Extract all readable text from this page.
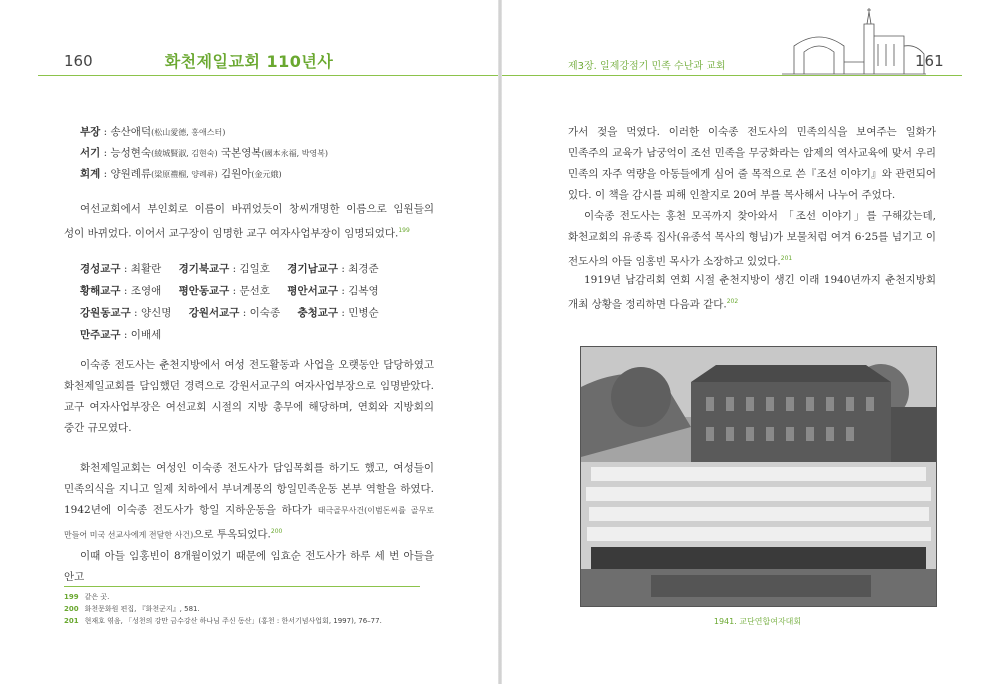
160	화천제일교회 110년사
부장 : 송산애덕(松山愛德, 홍애스터)
서기 : 능성현숙(綾城賢淑, 김현숙) 국본영복(國本永福, 박영복)
회계 : 양원례류(梁原禮榴, 양례류) 김원아(金元娥)

여선교회에서 부인회로 이름이 바뀌었듯이 창씨개명한 이름으로 임원들의 성이 바뀌었다. 이어서 교구장이 임명한 교구 여자사업부장이 임명되었다.$^{199}$

경성교구 : 최활란 경기북교구 : 김일호 경기남교구 : 최경준
황해교구 : 조영애 평안동교구 : 문선호 평안서교구 : 김복영
강원동교구 : 양신명 강원서교구 : 이숙종 충청교구 : 민병순
만주교구 : 이배세

이숙종 전도사는 춘천지방에서 여성 전도활동과 사업을 오랫동안 담당하였고 화천제일교회를 담임했던 경력으로 강원서교구의 여자사업부장으로 임명받았다. 교구 여자사업부장은 여선교회 시절의 지방 총무에 해당하며, 연회와 지방회의 중간 규모였다.

화천제일교회는 여성인 이숙종 전도사가 담임목회를 하기도 했고, 여성들이 민족의식을 지니고 일제 치하에서 부녀계몽의 항일민족운동 본부 역할을 하였다. 1942년에 이숙종 전도사가 항일 지하운동을 하다가 태극골무사건(이범돈씨를 골무로 만들어 미국 선교사에게 전달한 사건)으로 투옥되었다.$^{200}$

이때 아들 임홍빈이 8개월이었기 때문에 임효순 전도사가 하루 세 번 아들을 안고

199 같은 곳.
200 화천문화원 편집, 『화천군지』, 581.
201 현재호 엮음, 「성천의 강만 금수강산 하나님 주신 동산」(홍천 : 한서기념사업회, 1997), 76–77.
제3장. 일제강점기 민족 수난과 교회	161

가서 젖을 먹였다. 이러한 이숙종 전도사의 민족의식을 보여주는 일화가 민족주의 교육가 남궁억이 조선 민족을 무궁화라는 암제의 역사교육에 맞서 우리 민족의 자주 역량을 아동들에게 심어 줄 목적으로 쓴『조선 이야기』와 관련되어 있다. 이 책을 감시를 피해 인찰지로 20여 부를 목사해서 나누어 주었다.

이숙종 전도사는 홍천 모곡까지 찾아와서 「조선 이야기」를 구해갔는데, 화천교회의 유종록 집사(유종석 목사의 형님)가 보물처럼 여겨 6·25를 넘기고 이 전도사의 아들 임홍빈 목사가 소장하고 있었다.$^{201}$

1919년 남감리회 연회 시절 춘천지방이 생긴 이래 1940년까지 춘천지방회 개최 상황을 정리하면 다음과 같다.$^{202}$

1941. 교단연합여자대회
